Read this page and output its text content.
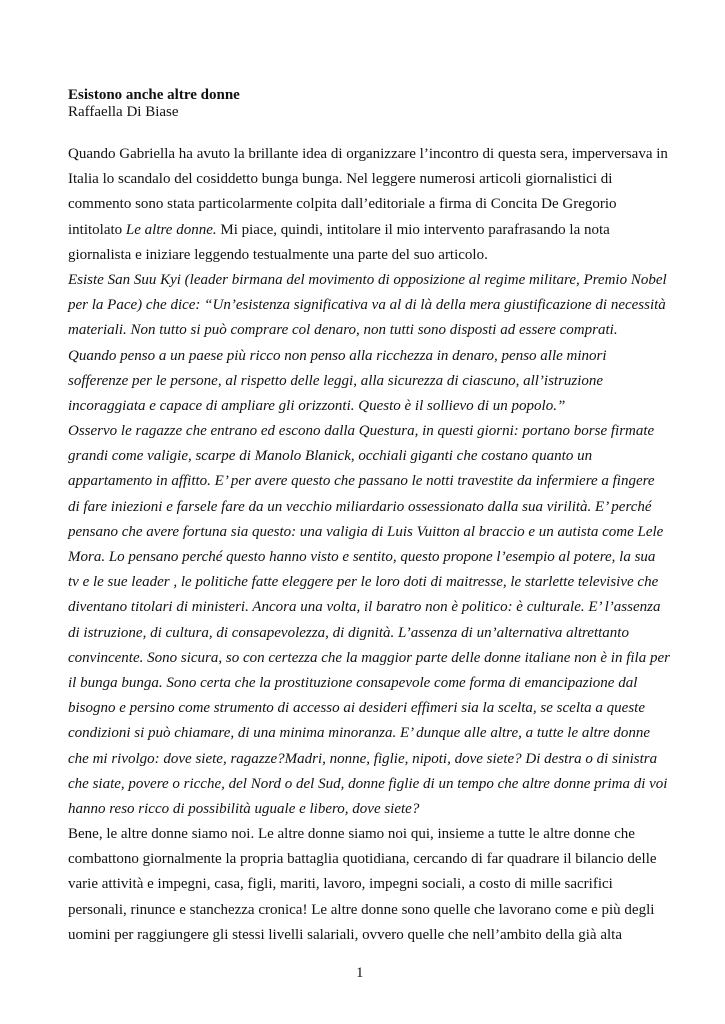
Esistono anche altre donne
Raffaella Di Biase
Quando Gabriella ha avuto la brillante idea di organizzare l’incontro di questa sera, imperversava in
Italia lo scandalo del cosiddetto bunga bunga. Nel leggere numerosi articoli giornalistici di
commento sono stata particolarmente colpita dall’editoriale a firma di Concita De Gregorio
intitolato Le altre donne. Mi piace, quindi, intitolare il mio intervento parafrasando la nota
giornalista e iniziare leggendo testualmente una parte del suo articolo.
Esiste San Suu Kyi (leader birmana del movimento di opposizione al regime militare, Premio Nobel
per la Pace) che dice: “Un’esistenza significativa va al di là della mera giustificazione di necessità
materiali. Non tutto si può comprare col denaro, non tutti sono disposti ad essere comprati.
Quando penso a un paese più ricco non penso alla ricchezza in denaro, penso alle minori
sofferenze per le persone, al rispetto delle leggi, alla sicurezza di ciascuno, all’istruzione
incoraggiata e capace di ampliare gli orizzonti. Questo è il sollievo di un popolo.”
Osservo le ragazze che entrano ed escono dalla Questura, in questi giorni: portano borse firmate
grandi come valigie, scarpe di Manolo Blanick, occhiali giganti che costano quanto un
appartamento in affitto. E’ per avere questo che passano le notti travestite da infermiere a fingere
di fare iniezioni e farsele fare da un vecchio miliardario ossessionato dalla sua virilità. E’ perché
pensano che avere fortuna sia questo: una valigia di Luis Vuitton al braccio e un autista come Lele
Mora. Lo pensano perché questo hanno visto e sentito, questo propone l’esempio al potere, la sua
tv e le sue leader , le politiche fatte eleggere per le loro doti di maitresse, le starlette televisive che
diventano titolari di ministeri. Ancora una volta, il baratro non è politico: è culturale. E’ l’assenza
di istruzione, di cultura, di consapevolezza, di dignità. L’assenza di un’alternativa altrettanto
convincente. Sono sicura, so con certezza che la maggior parte delle donne italiane non è in fila per
il bunga bunga. Sono certa che la prostituzione consapevole come forma di emancipazione dal
bisogno e persino come strumento di accesso ai desideri effimeri sia la scelta, se scelta a queste
condizioni si può chiamare, di una minima minoranza. E’ dunque alle altre, a tutte le altre donne
che mi rivolgo: dove siete, ragazze?Madri, nonne, figlie, nipoti, dove siete? Di destra o di sinistra
che siate, povere o ricche, del Nord o del Sud, donne figlie di un tempo che altre donne prima di voi
hanno reso ricco di possibilità uguale e libero, dove siete?
Bene, le altre donne siamo noi. Le altre donne siamo noi qui, insieme a tutte le altre donne che
combattono giornalmente la propria battaglia quotidiana, cercando di far quadrare il bilancio delle
varie attività e impegni, casa, figli, mariti, lavoro, impegni sociali, a costo di mille sacrifici
personali, rinunce e stanchezza cronica! Le altre donne sono quelle che lavorano come e più degli
uomini per raggiungere gli stessi livelli salariali, ovvero quelle che nell’ambito della già alta
1
